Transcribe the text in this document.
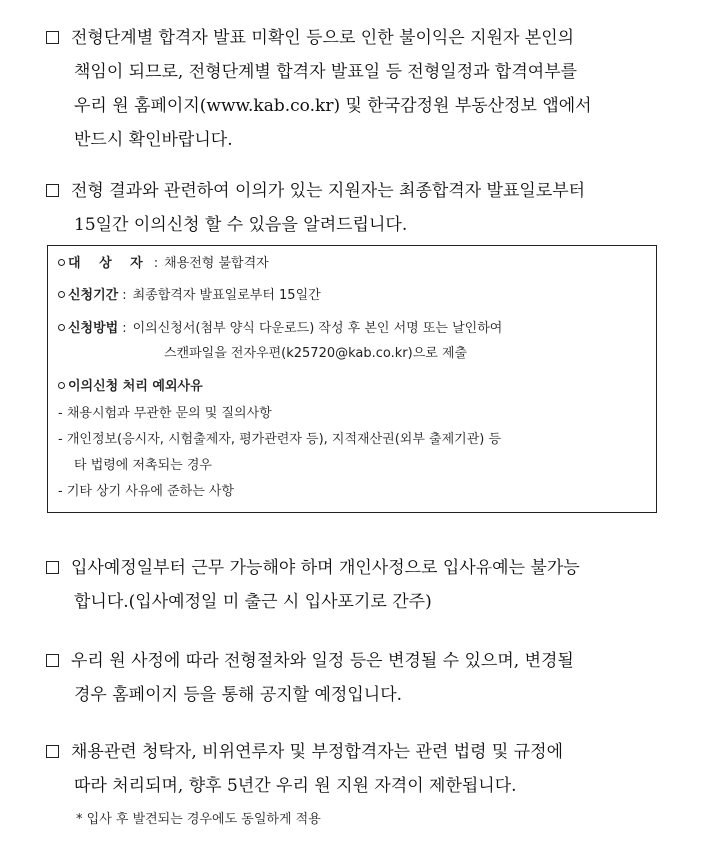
전형단계별 합격자 발표 미확인 등으로 인한 불이익은 지원자 본인의
책임이 되므로, 전형단계별 합격자 발표일 등 전형일정과 합격여부를
우리 원 홈페이지(www.kab.co.kr) 및 한국감정원 부동산정보 앱에서
반드시 확인바랍니다.
전형 결과와 관련하여 이의가 있는 지원자는 최종합격자 발표일로부터
15일간 이의신청 할 수 있음을 알려드립니다.
대 상 자 : 채용전형 불합격자
신청기간 : 최종합격자 발표일로부터 15일간
신청방법 : 이의신청서(첨부 양식 다운로드) 작성 후 본인 서명 또는 날인하여
스캔파일을 전자우편(k25720@kab.co.kr)으로 제출
이의신청 처리 예외사유
- 채용시험과 무관한 문의 및 질의사항
- 개인정보(응시자, 시험출제자, 평가관련자 등), 지적재산권(외부 출제기관) 등
타 법령에 저촉되는 경우
- 기타 상기 사유에 준하는 사항
입사예정일부터 근무 가능해야 하며 개인사정으로 입사유예는 불가능
합니다.(입사예정일 미 출근 시 입사포기로 간주)
우리 원 사정에 따라 전형절차와 일정 등은 변경될 수 있으며, 변경될
경우 홈페이지 등을 통해 공지할 예정입니다.
채용관련 청탁자, 비위연루자 및 부정합격자는 관련 법령 및 규정에
따라 처리되며, 향후 5년간 우리 원 지원 자격이 제한됩니다.
* 입사 후 발견되는 경우에도 동일하게 적용
